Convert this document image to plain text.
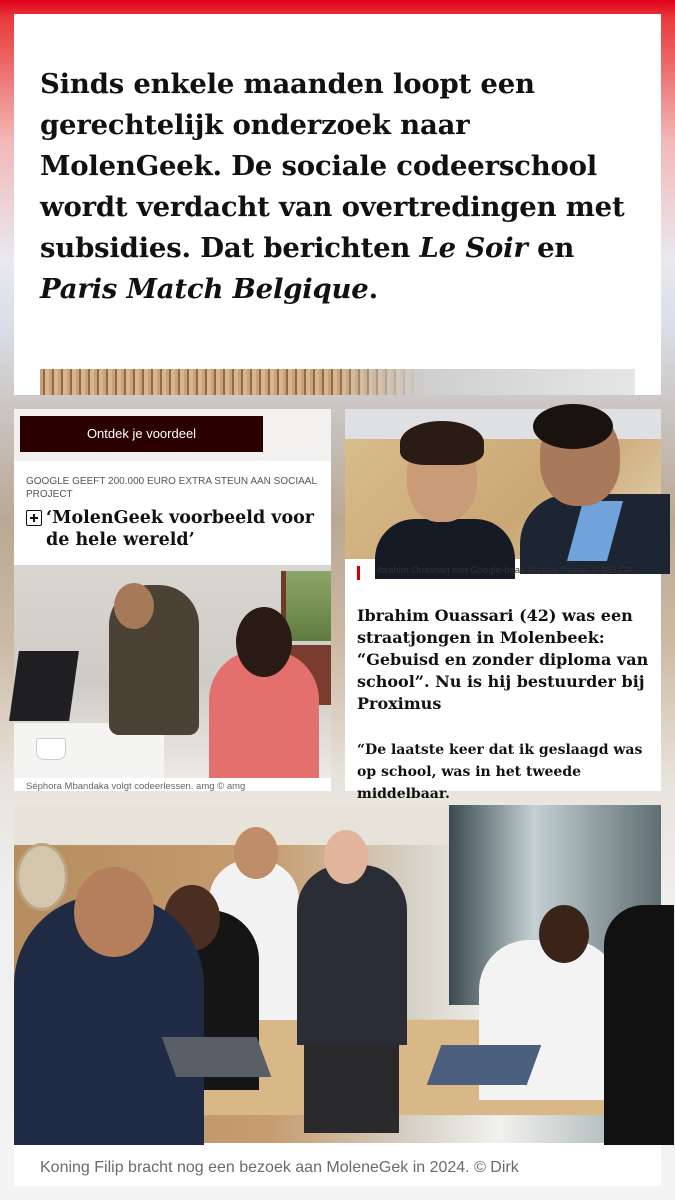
Sinds enkele maanden loopt een gerechtelijk onderzoek naar MolenGeek. De sociale codeerschool wordt verdacht van overtredingen met subsidies. Dat berichten Le Soir en Paris Match Belgique.

Ontdek je voordeel
GOOGLE GEEFT 200.000 EURO EXTRA STEUN AAN SOCIAAL PROJECT
‘MolenGeek voorbeeld voor de hele wereld’
Séphora Mbandaka volgt codeerlessen. amg © amg
Ibrahim Ouassari met Google-baas Sundar Pichai. © BELGA
Ibrahim Ouassari (42) was een straatjongen in Molenbeek: “Gebuisd en zonder diploma van school”. Nu is hij bestuurder bij Proximus
“De laatste keer dat ik geslaagd was op school, was in het tweede middelbaar.
Koning Filip bracht nog een bezoek aan MoleneGek in 2024. © Dirk
